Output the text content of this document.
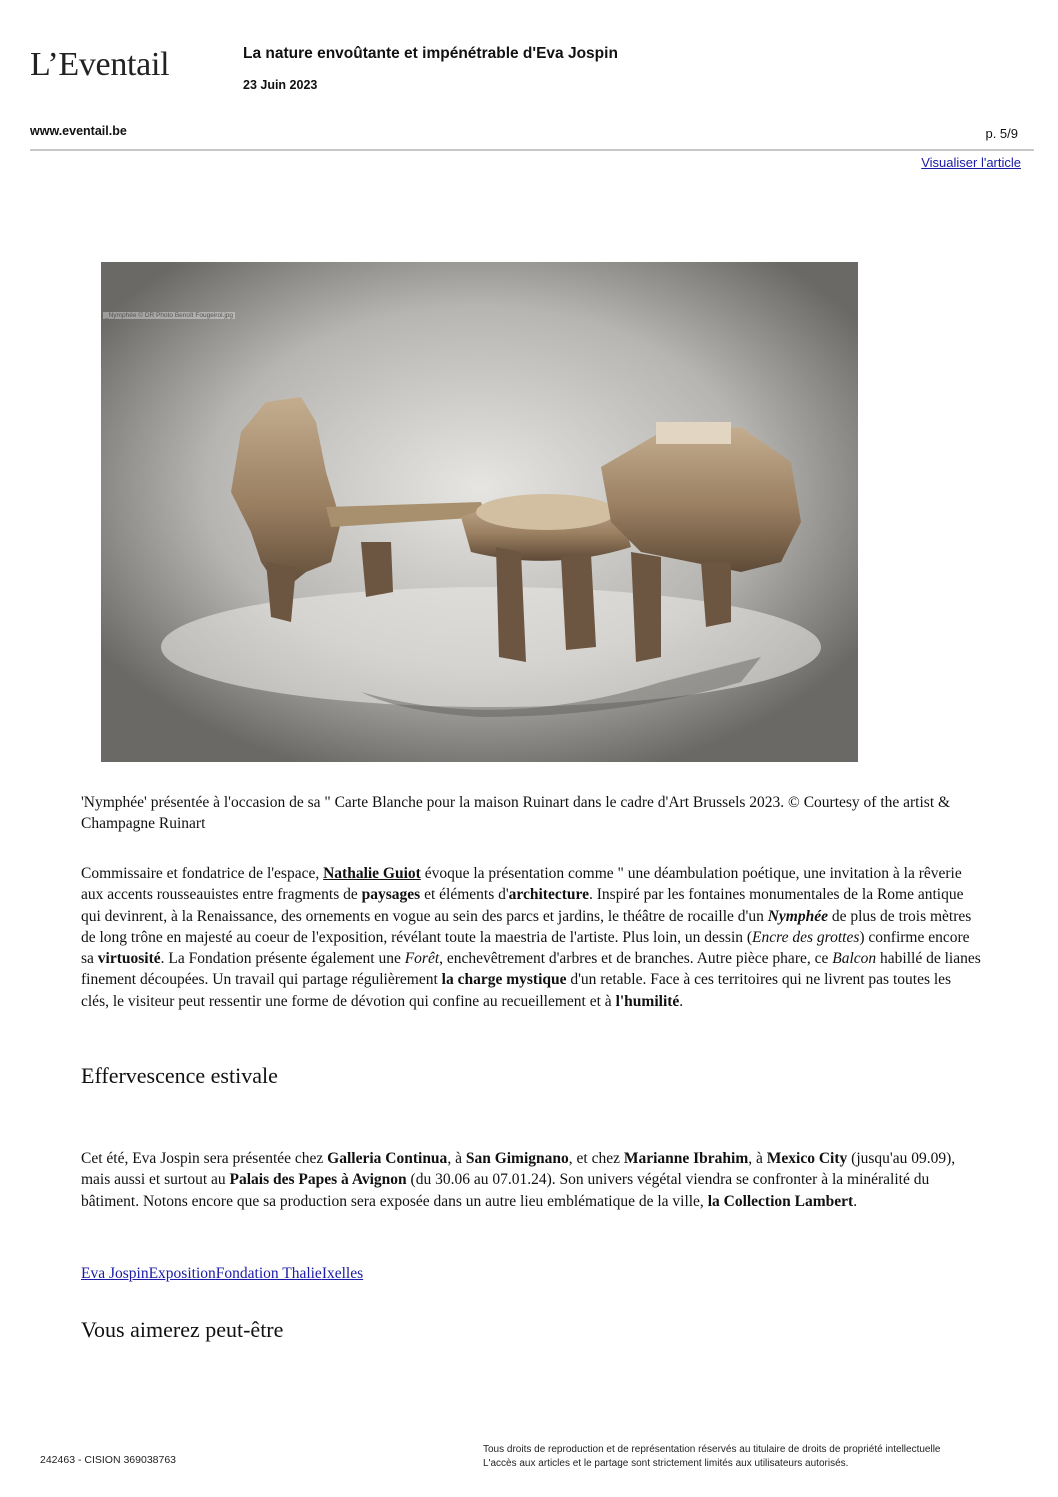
L’Eventail	La nature envoûtante et impénétrable d'Eva Jospin
23 Juin 2023
www.eventail.be	p. 5/9
Visualiser l'article
_Nymphée © DR Photo Benoît Fougeirol.jpg
'Nymphée' présentée à l'occasion de sa " Carte Blanche pour la maison Ruinart dans le cadre d'Art Brussels 2023. © Courtesy of the artist & Champagne Ruinart
Commissaire et fondatrice de l'espace, Nathalie Guiot évoque la présentation comme " une déambulation poétique, une invitation à la rêverie aux accents rousseauistes entre fragments de paysages et éléments d'architecture. Inspiré par les fontaines monumentales de la Rome antique qui devinrent, à la Renaissance, des ornements en vogue au sein des parcs et jardins, le théâtre de rocaille d'un Nymphée de plus de trois mètres de long trône en majesté au coeur de l'exposition, révélant toute la maestria de l'artiste. Plus loin, un dessin (Encre des grottes) confirme encore sa virtuosité. La Fondation présente également une Forêt, enchevêtrement d'arbres et de branches. Autre pièce phare, ce Balcon habillé de lianes finement découpées. Un travail qui partage régulièrement la charge mystique d'un retable. Face à ces territoires qui ne livrent pas toutes les clés, le visiteur peut ressentir une forme de dévotion qui confine au recueillement et à l'humilité.
Effervescence estivale
Cet été, Eva Jospin sera présentée chez Galleria Continua, à San Gimignano, et chez Marianne Ibrahim, à Mexico City (jusqu'au 09.09), mais aussi et surtout au Palais des Papes à Avignon (du 30.06 au 07.01.24). Son univers végétal viendra se confronter à la minéralité du bâtiment. Notons encore que sa production sera exposée dans un autre lieu emblématique de la ville, la Collection Lambert.
Eva JospinExpositionFondation ThalieIxelles
Vous aimerez peut-être
242463 - CISION 369038763
Tous droits de reproduction et de représentation réservés au titulaire de droits de propriété intellectuelle
L'accès aux articles et le partage sont strictement limités aux utilisateurs autorisés.
